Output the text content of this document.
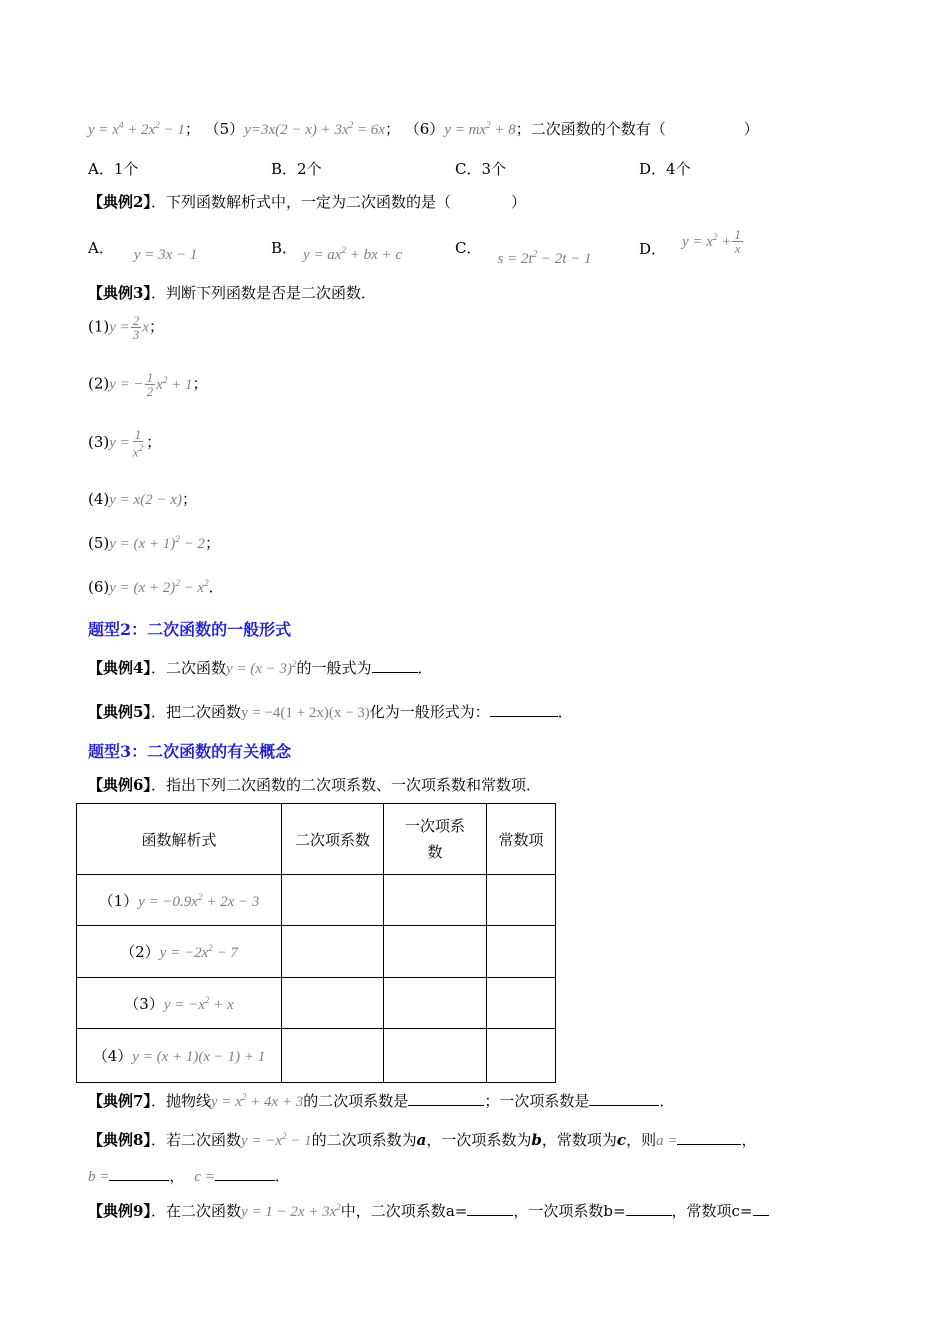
$y = x^4 + 2x^2 - 1$； $(5)y=3x(2 - x) + 3x^2 = 6x$； $(6)y = mx^2 + 8$；二次函数的个数有（	）
A．1个	B．2个	C．3个	D．4个
【典例2】．下列函数解析式中，一定为二次函数的是（	）
A． y = 3x − 1	B． $y = ax^2$ + bx + c	C．$s = 2t^2 - 2t - 1$
D． $y = x^2 + \frac{1}{x}$
【典例3】．判断下列函数是否是二次函数．
$(1)y = \frac{2}{3}$ x；
(2)y = − $\frac{1}{2} x^2 + 1$；
$(3)y = \frac{1}{x^2}$ ；
(4)y = x(2 − x)；
$(5)y = (x + 1)^2 - 2$；
$(6)y = (x + 2)^2 - x^2$．
题型2：二次函数的一般形式
【典例4】．二次函数$y = (x - 3)^2$的一般式为	．
【典例5】．把二次函数y = −4(1 + 2x)(x − 3)化为一般形式为：	．
题型3：二次函数的有关概念
【典例6】．指出下列二次函数的二次项系数、一次项系数和常数项．
函数解析式	二次项系数	一次项系数	常数项
$(1)y = -0.9x^2 + 2x - 3$			
$(2)y = -2x^2 - 7$			
$(3)y = -x^2 + x$			
（4）y = (x + 1)(x − 1) + 1			
【典例7】．抛物线$y = x^2 + 4x + 3$的二次项系数是	；一次项系数是	．
【典例8】．若二次函数$y = -x^2 - 1$的二次项系数为a，一次项系数为b，常数项为c，则a =	，
b =	， c =	．
【典例9】．在二次函数$y = 1 - 2x + 3x^2$中，二次项系数a=	，一次项系数b=	，常数项c=
